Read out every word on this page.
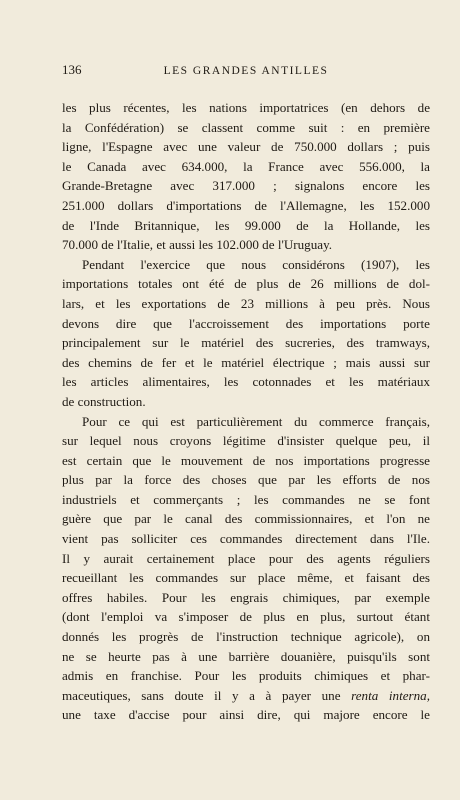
136	LES GRANDES ANTILLES
les plus récentes, les nations importatrices (en dehors de
la Confédération) se classent comme suit : en première
ligne, l'Espagne avec une valeur de 750.000 dollars ; puis
le Canada avec 634.000, la France avec 556.000, la
Grande-Bretagne avec 317.000 ; signalons encore les
251.000 dollars d'importations de l'Allemagne, les 152.000
de l'Inde Britannique, les 99.000 de la Hollande, les
70.000 de l'Italie, et aussi les 102.000 de l'Uruguay.
Pendant l'exercice que nous considérons (1907), les
importations totales ont été de plus de 26 millions de dol-
lars, et les exportations de 23 millions à peu près. Nous
devons dire que l'accroissement des importations porte
principalement sur le matériel des sucreries, des tramways,
des chemins de fer et le matériel électrique ; mais aussi sur
les articles alimentaires, les cotonnades et les matériaux
de construction.
Pour ce qui est particulièrement du commerce français,
sur lequel nous croyons légitime d'insister quelque peu, il
est certain que le mouvement de nos importations progresse
plus par la force des choses que par les efforts de nos
industriels et commerçants ; les commandes ne se font
guère que par le canal des commissionnaires, et l'on ne
vient pas solliciter ces commandes directement dans l'Ile.
Il y aurait certainement place pour des agents réguliers
recueillant les commandes sur place même, et faisant des
offres habiles. Pour les engrais chimiques, par exemple
(dont l'emploi va s'imposer de plus en plus, surtout étant
donnés les progrès de l'instruction technique agricole), on
ne se heurte pas à une barrière douanière, puisqu'ils sont
admis en franchise. Pour les produits chimiques et phar-
maceutiques, sans doute il y a à payer une renta interna,
une taxe d'accise pour ainsi dire, qui majore encore le
